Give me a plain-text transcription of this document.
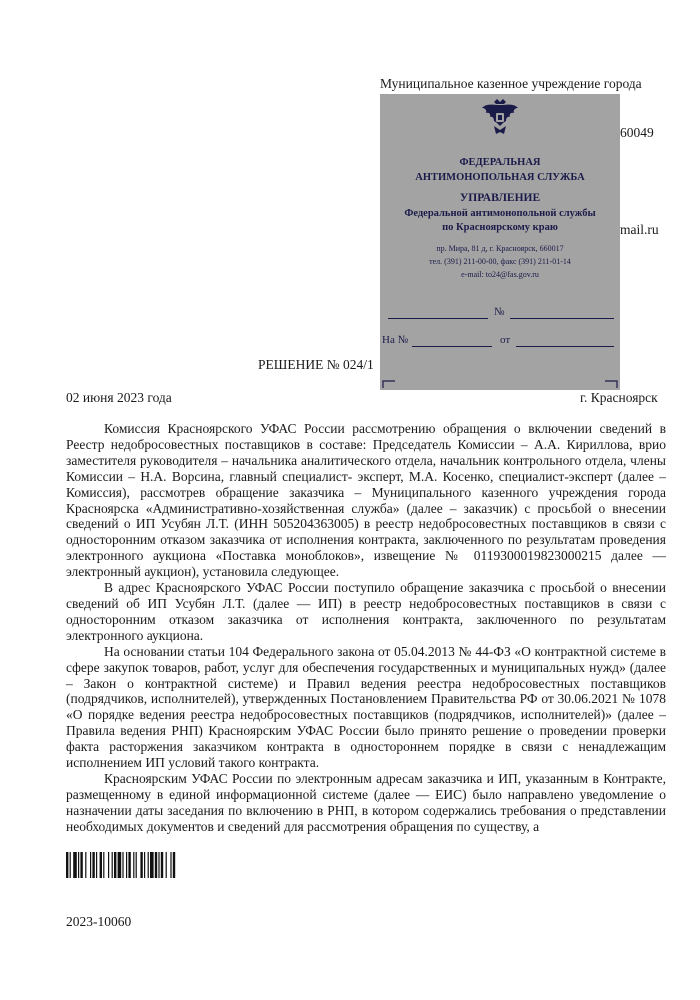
Муниципальное казенное учреждение города
60049
mail.ru
ФЕДЕРАЛЬНАЯ
АНТИМОНОПОЛЬНАЯ СЛУЖБА
УПРАВЛЕНИЕ
Федеральной антимонопольной службы
по Красноярскому краю
пр. Мира, 81 д, г. Красноярск, 660017
тел. (391) 211-00-00, факс (391) 211-01-14
e-mail: to24@fas.gov.ru
№
На №	от
РЕШЕНИЕ № 024/1
02 июня 2023 года	г. Красноярск

Комиссия Красноярского УФАС России рассмотрению обращения о включении сведений в Реестр недобросовестных поставщиков в составе: Председатель Комиссии – А.А. Кириллова, врио заместителя руководителя – начальника аналитического отдела, начальник контрольного отдела, члены Комиссии – Н.А. Ворсина, главный специалист- эксперт, М.А. Косенко, специалист-эксперт (далее – Комиссия), рассмотрев обращение заказчика – Муниципального казенного учреждения города Красноярска «Административно-хозяйственная служба» (далее – заказчик) с просьбой о внесении сведений о ИП Усубян Л.Т. (ИНН 505204363005) в реестр недобросовестных поставщиков в связи с односторонним отказом заказчика от исполнения контракта, заключенного по результатам проведения электронного аукциона «Поставка моноблоков», извещение № 0119300019823000215 далее — электронный аукцион), установила следующее.

В адрес Красноярского УФАС России поступило обращение заказчика с просьбой о внесении сведений об ИП Усубян Л.Т. (далее — ИП) в реестр недобросовестных поставщиков в связи с односторонним отказом заказчика от исполнения контракта, заключенного по результатам электронного аукциона.

На основании статьи 104 Федерального закона от 05.04.2013 № 44-ФЗ «О контрактной системе в сфере закупок товаров, работ, услуг для обеспечения государственных и муниципальных нужд» (далее – Закон о контрактной системе) и Правил ведения реестра недобросовестных поставщиков (подрядчиков, исполнителей), утвержденных Постановлением Правительства РФ от 30.06.2021 № 1078 «О порядке ведения реестра недобросовестных поставщиков (подрядчиков, исполнителей)» (далее – Правила ведения РНП) Красноярским УФАС России было принято решение о проведении проверки факта расторжения заказчиком контракта в одностороннем порядке в связи с ненадлежащим исполнением ИП условий такого контракта.

Красноярским УФАС России по электронным адресам заказчика и ИП, указанным в Контракте, размещенному в единой информационной системе (далее — ЕИС) было направлено уведомление о назначении даты заседания по включению в РНП, в котором содержались требования о представлении необходимых документов и сведений для рассмотрения обращения по существу, а

2023-10060
